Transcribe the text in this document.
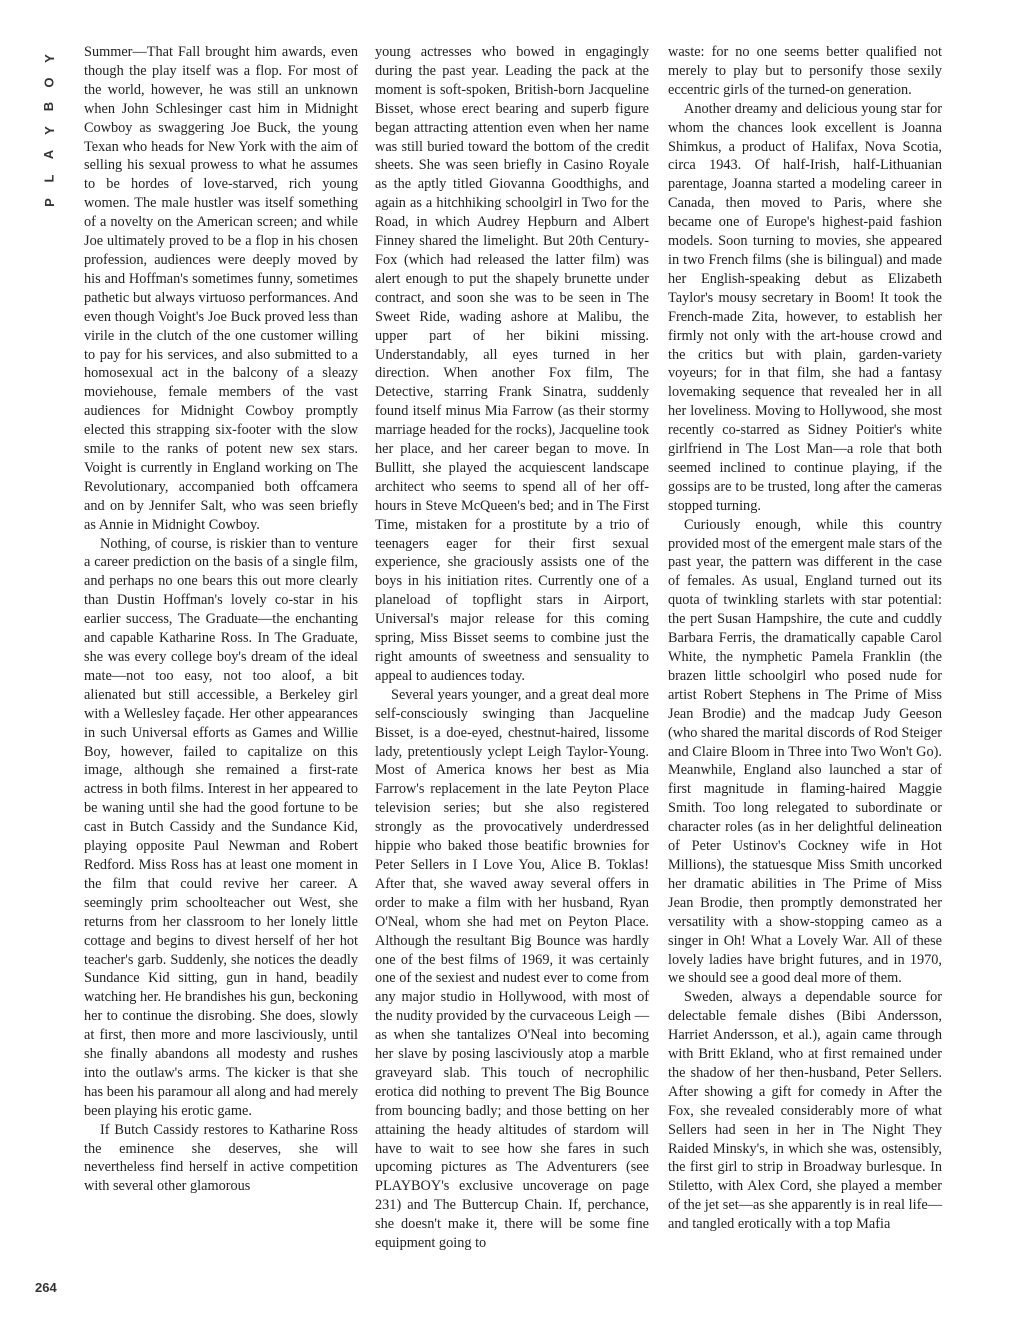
Y
O
B
Y
A
L
P

Summer—That Fall brought him awards, even though the play itself was a flop. For most of the world, however, he was still an unknown when John Schlesinger cast him in Midnight Cowboy as swaggering Joe Buck, the young Texan who heads for New York with the aim of selling his sexual prowess to what he assumes to be hordes of love-starved, rich young women. The male hustler was itself something of a novelty on the American screen; and while Joe ultimately proved to be a flop in his chosen profession, audiences were deeply moved by his and Hoffman's sometimes funny, sometimes pathetic but always virtuoso performances. And even though Voight's Joe Buck proved less than virile in the clutch of the one customer willing to pay for his services, and also submitted to a homosexual act in the balcony of a sleazy moviehouse, female members of the vast audiences for Midnight Cowboy promptly elected this strapping six-footer with the slow smile to the ranks of potent new sex stars. Voight is currently in England working on The Revolutionary, accompanied both offcamera and on by Jennifer Salt, who was seen briefly as Annie in Midnight Cowboy.

Nothing, of course, is riskier than to venture a career prediction on the basis of a single film, and perhaps no one bears this out more clearly than Dustin Hoffman's lovely co-star in his earlier success, The Graduate—the enchanting and capable Katharine Ross. In The Graduate, she was every college boy's dream of the ideal mate—not too easy, not too aloof, a bit alienated but still accessible, a Berkeley girl with a Wellesley façade. Her other appearances in such Universal efforts as Games and Willie Boy, however, failed to capitalize on this image, although she remained a first-rate actress in both films. Interest in her appeared to be waning until she had the good fortune to be cast in Butch Cassidy and the Sundance Kid, playing opposite Paul Newman and Robert Redford. Miss Ross has at least one moment in the film that could revive her career. A seemingly prim schoolteacher out West, she returns from her classroom to her lonely little cottage and begins to divest herself of her hot teacher's garb. Suddenly, she notices the deadly Sundance Kid sitting, gun in hand, beadily watching her. He brandishes his gun, beckoning her to continue the disrobing. She does, slowly at first, then more and more lasciviously, until she finally abandons all modesty and rushes into the outlaw's arms. The kicker is that she has been his paramour all along and had merely been playing his erotic game.

If Butch Cassidy restores to Katharine Ross the eminence she deserves, she will nevertheless find herself in active competition with several other glamorous

young actresses who bowed in engagingly during the past year. Leading the pack at the moment is soft-spoken, British-born Jacqueline Bisset, whose erect bearing and superb figure began attracting attention even when her name was still buried toward the bottom of the credit sheets. She was seen briefly in Casino Royale as the aptly titled Giovanna Goodthighs, and again as a hitchhiking schoolgirl in Two for the Road, in which Audrey Hepburn and Albert Finney shared the limelight. But 20th Century-Fox (which had released the latter film) was alert enough to put the shapely brunette under contract, and soon she was to be seen in The Sweet Ride, wading ashore at Malibu, the upper part of her bikini missing. Understandably, all eyes turned in her direction. When another Fox film, The Detective, starring Frank Sinatra, suddenly found itself minus Mia Farrow (as their stormy marriage headed for the rocks), Jacqueline took her place, and her career began to move. In Bullitt, she played the acquiescent landscape architect who seems to spend all of her off-hours in Steve McQueen's bed; and in The First Time, mistaken for a prostitute by a trio of teenagers eager for their first sexual experience, she graciously assists one of the boys in his initiation rites. Currently one of a planeload of topflight stars in Airport, Universal's major release for this coming spring, Miss Bisset seems to combine just the right amounts of sweetness and sensuality to appeal to audiences today.

Several years younger, and a great deal more self-consciously swinging than Jacqueline Bisset, is a doe-eyed, chestnut-haired, lissome lady, pretentiously yclept Leigh Taylor-Young. Most of America knows her best as Mia Farrow's replacement in the late Peyton Place television series; but she also registered strongly as the provocatively underdressed hippie who baked those beatific brownies for Peter Sellers in I Love You, Alice B. Toklas! After that, she waved away several offers in order to make a film with her husband, Ryan O'Neal, whom she had met on Peyton Place. Although the resultant Big Bounce was hardly one of the best films of 1969, it was certainly one of the sexiest and nudest ever to come from any major studio in Hollywood, with most of the nudity provided by the curvaceous Leigh —as when she tantalizes O'Neal into becoming her slave by posing lasciviously atop a marble graveyard slab. This touch of necrophilic erotica did nothing to prevent The Big Bounce from bouncing badly; and those betting on her attaining the heady altitudes of stardom will have to wait to see how she fares in such upcoming pictures as The Adventurers (see PLAYBOY's exclusive uncoverage on page 231) and The Buttercup Chain. If, perchance, she doesn't make it, there will be some fine equipment going to

waste: for no one seems better qualified not merely to play but to personify those sexily eccentric girls of the turned-on generation.

Another dreamy and delicious young star for whom the chances look excellent is Joanna Shimkus, a product of Halifax, Nova Scotia, circa 1943. Of half-Irish, half-Lithuanian parentage, Joanna started a modeling career in Canada, then moved to Paris, where she became one of Europe's highest-paid fashion models. Soon turning to movies, she appeared in two French films (she is bilingual) and made her English-speaking debut as Elizabeth Taylor's mousy secretary in Boom! It took the French-made Zita, however, to establish her firmly not only with the art-house crowd and the critics but with plain, garden-variety voyeurs; for in that film, she had a fantasy lovemaking sequence that revealed her in all her loveliness. Moving to Hollywood, she most recently co-starred as Sidney Poitier's white girlfriend in The Lost Man—a role that both seemed inclined to continue playing, if the gossips are to be trusted, long after the cameras stopped turning.

Curiously enough, while this country provided most of the emergent male stars of the past year, the pattern was different in the case of females. As usual, England turned out its quota of twinkling starlets with star potential: the pert Susan Hampshire, the cute and cuddly Barbara Ferris, the dramatically capable Carol White, the nymphetic Pamela Franklin (the brazen little schoolgirl who posed nude for artist Robert Stephens in The Prime of Miss Jean Brodie) and the madcap Judy Geeson (who shared the marital discords of Rod Steiger and Claire Bloom in Three into Two Won't Go). Meanwhile, England also launched a star of first magnitude in flaming-haired Maggie Smith. Too long relegated to subordinate or character roles (as in her delightful delineation of Peter Ustinov's Cockney wife in Hot Millions), the statuesque Miss Smith uncorked her dramatic abilities in The Prime of Miss Jean Brodie, then promptly demonstrated her versatility with a show-stopping cameo as a singer in Oh! What a Lovely War. All of these lovely ladies have bright futures, and in 1970, we should see a good deal more of them.

Sweden, always a dependable source for delectable female dishes (Bibi Andersson, Harriet Andersson, et al.), again came through with Britt Ekland, who at first remained under the shadow of her then-husband, Peter Sellers. After showing a gift for comedy in After the Fox, she revealed considerably more of what Sellers had seen in her in The Night They Raided Minsky's, in which she was, ostensibly, the first girl to strip in Broadway burlesque. In Stiletto, with Alex Cord, she played a member of the jet set—as she apparently is in real life—and tangled erotically with a top Mafia

264
